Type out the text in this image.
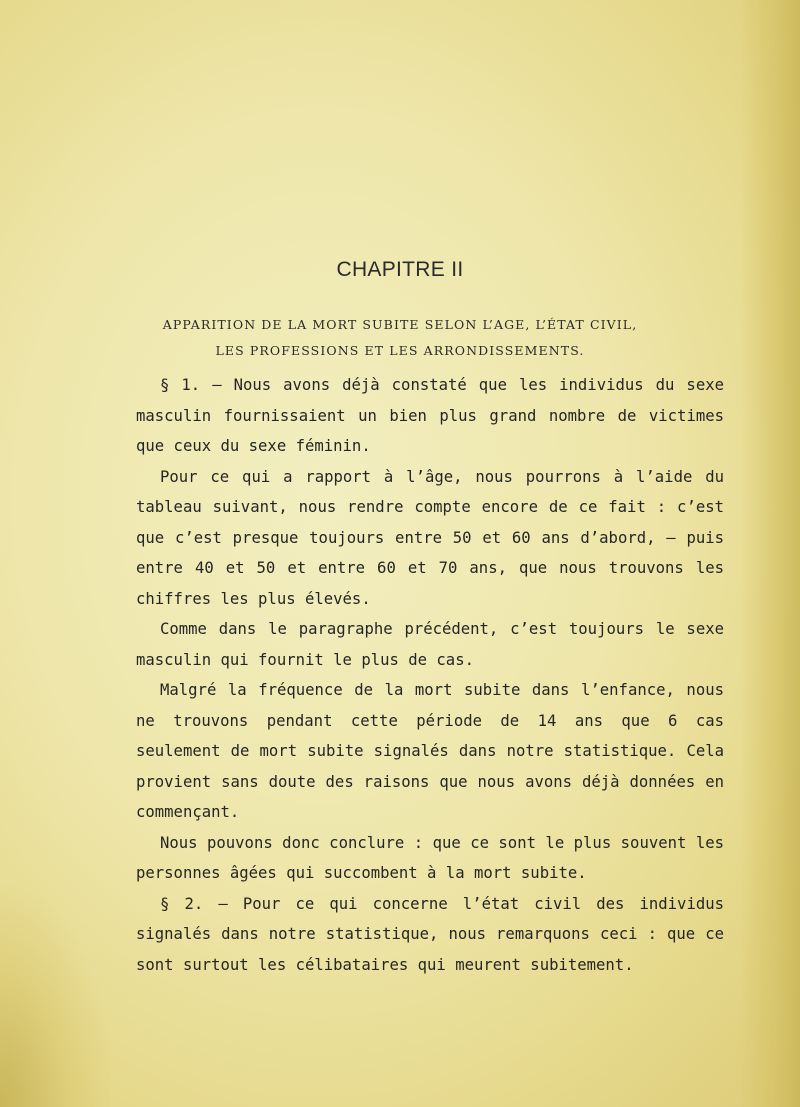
CHAPITRE II
APPARITION DE LA MORT SUBITE SELON L’AGE, L’ÉTAT CIVIL,
LES PROFESSIONS ET LES ARRONDISSEMENTS.

§ 1. — Nous avons déjà constaté que les individus du sexe masculin fournissaient un bien plus grand nombre de victimes que ceux du sexe féminin.

Pour ce qui a rapport à l’âge, nous pourrons à l’aide du tableau suivant, nous rendre compte encore de ce fait : c’est que c’est presque toujours entre 50 et 60 ans d’abord, — puis entre 40 et 50 et entre 60 et 70 ans, que nous trouvons les chiffres les plus élevés.

Comme dans le paragraphe précédent, c’est toujours le sexe masculin qui fournit le plus de cas.

Malgré la fréquence de la mort subite dans l’enfance, nous ne trouvons pendant cette période de 14 ans que 6 cas seulement de mort subite signalés dans notre statistique. Cela provient sans doute des raisons que nous avons déjà données en commençant.

Nous pouvons donc conclure : que ce sont le plus souvent les personnes âgées qui succombent à la mort subite.

§ 2. — Pour ce qui concerne l’état civil des individus signalés dans notre statistique, nous remarquons ceci : que ce sont surtout les célibataires qui meurent subitement.
